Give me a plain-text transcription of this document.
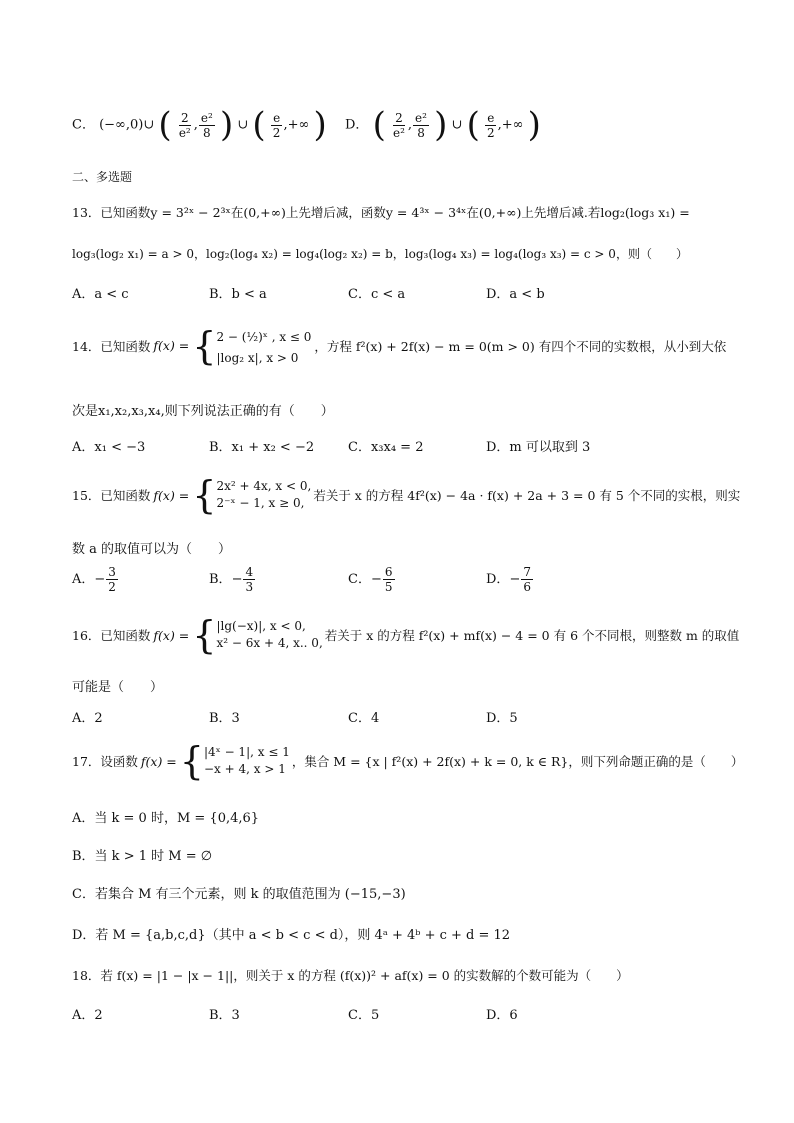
C． (−∞,0)∪ ( $\frac{2}{\text{e²}}$ , $\frac{\text{e²}}{8}$ ) ∪ ( $\frac{e}{2}$ ,+∞ ) D． ( $\frac{2}{\text{e²}}$ , $\frac{\text{e²}}{8}$ ) ∪ ( $\frac{e}{2}$ ,+∞ )
二、多选题
13．已知函数y = 3²ˣ − 2³ˣ在(0,+∞)上先增后减，函数y = 4³ˣ − 3⁴ˣ在(0,+∞)上先增后减.若log₂(log₃ x₁) =
log₃(log₂ x₁) = a > 0，log₂(log₄ x₂) = log₄(log₂ x₂) = b，log₃(log₄ x₃) = log₄(log₃ x₃) = c > 0，则（　　）
A．a < c	B．b < a	C．c < a	D．a < b
14．已知函数 f(x) = { 2 − (½)ˣ , x ≤ 0
|log₂ x|, x > 0
，方程 f²(x) + 2f(x) − m = 0(m > 0) 有四个不同的实数根，从小到大依
次是x₁,x₂,x₃,x₄,则下列说法正确的有（　　）
A．x₁ < −3	B．x₁ + x₂ < −2	C．x₃x₄ = 2	D．m 可以取到 3
15．已知函数 f(x) = { 2x² + 4x, x < 0,
2⁻ˣ − 1, x ≥ 0, 若关于 x 的方程 4f²(x) − 4a · f(x) + 2a + 3 = 0 有 5 个不同的实根，则实
数 a 的取值可以为（　　）
A．− $\frac{3}{2}$	B．− $\frac{4}{3}$	C．− $\frac{6}{5}$	D．− $\frac{7}{6}$
16．已知函数 f(x) = { |lg(−x)|, x < 0,
x² − 6x + 4, x.. 0, 若关于 x 的方程 f²(x) + mf(x) − 4 = 0 有 6 个不同根，则整数 m 的取值
可能是（　　）
A．2	B．3	C．4	D．5
17．设函数 f(x) = { |4ˣ − 1|, x ≤ 1
−x + 4, x > 1 ，集合 M = {x | f²(x) + 2f(x) + k = 0, k ∈ R}，则下列命题正确的是（　　）
A．当 k = 0 时，M = {0,4,6}
B．当 k > 1 时 M = ∅
C．若集合 M 有三个元素，则 k 的取值范围为 (−15,−3)
D．若 M = {a,b,c,d}（其中 a < b < c < d），则 4ᵃ + 4ᵇ + c + d = 12
18．若 f(x) = |1 − |x − 1||，则关于 x 的方程 (f(x))² + af(x) = 0 的实数解的个数可能为（　　）
A．2	B．3	C．5	D．6
